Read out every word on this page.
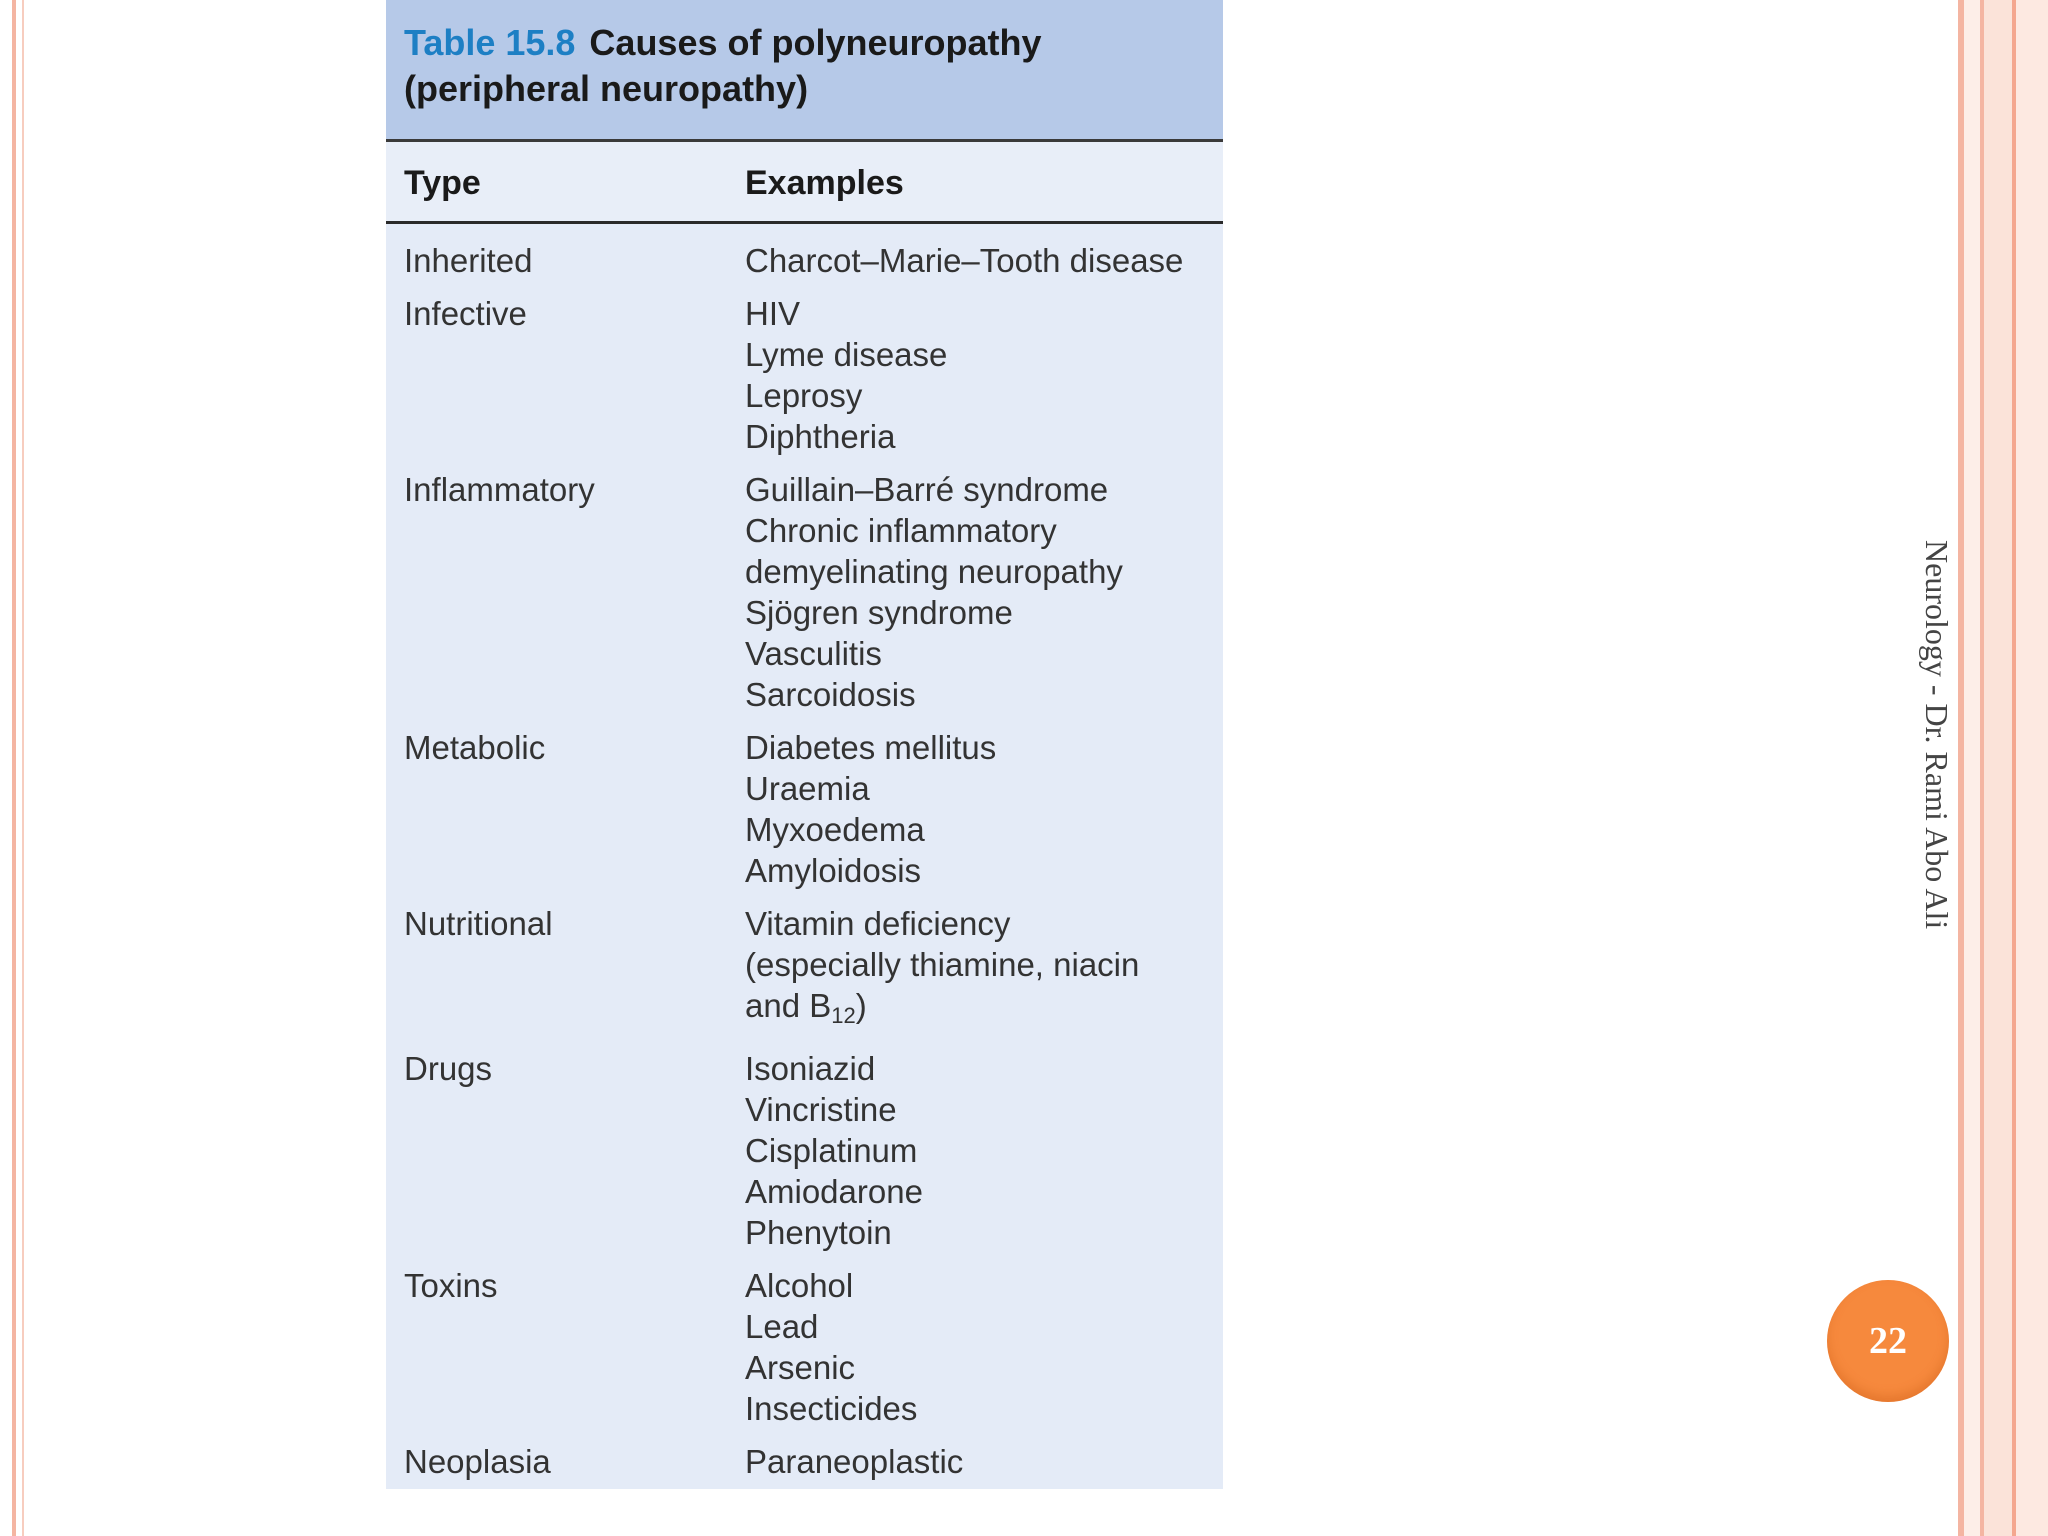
Table 15.8 Causes of polyneuropathy
(peripheral neuropathy)
Type	Examples
Inherited	Charcot–Marie–Tooth disease
Infective	HIV
Lyme disease
Leprosy
Diphtheria
Inflammatory	Guillain–Barré syndrome
Chronic inflammatory
demyelinating neuropathy
Sjögren syndrome
Vasculitis
Sarcoidosis
Metabolic	Diabetes mellitus
Uraemia
Myxoedema
Amyloidosis
Nutritional	Vitamin deficiency
(especially thiamine, niacin
and $B_{12}$)
Drugs	Isoniazid
Vincristine
Cisplatinum
Amiodarone
Phenytoin
Toxins	Alcohol
Lead
Arsenic
Insecticides
Neoplasia	Paraneoplastic
Neurology - Dr. Rami Abo Ali
22
